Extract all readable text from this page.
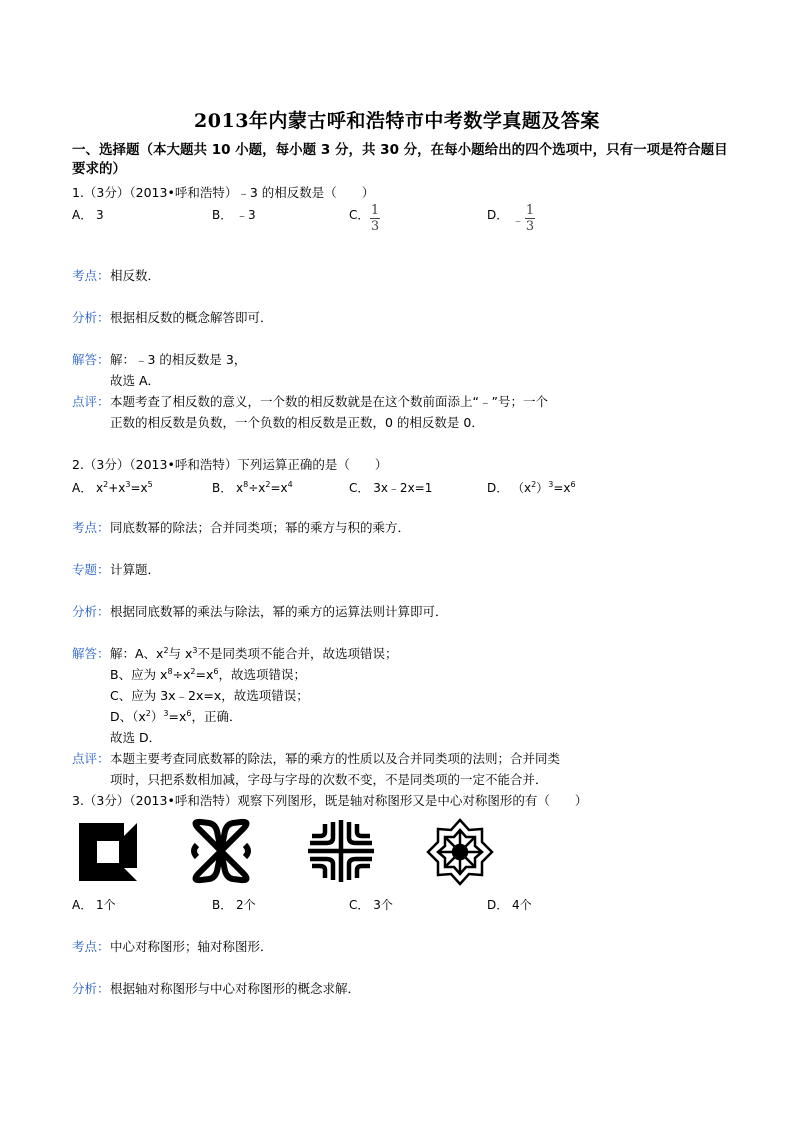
2013年内蒙古呼和浩特市中考数学真题及答案
一、选择题（本大题共 10 小题，每小题 3 分，共 30 分，在每小题给出的四个选项中，只有一项是符合题目要求的）
1.（3分）（2013•呼和浩特）﹣3 的相反数是（　　）
A． 3	B． ﹣3	C． $\frac{1}{3}$	D． ﹣ $\frac{1}{3}$
考点： 相反数．
分析： 根据相反数的概念解答即可．
解答： 解：﹣3 的相反数是 3，
故选 A．
点评： 本题考查了相反数的意义，一个数的相反数就是在这个数前面添上“﹣”号；一个
正数的相反数是负数，一个负数的相反数是正数，0 的相反数是 0．
2.（3分）（2013•呼和浩特）下列运算正确的是（　　）
A． $x^2+x^3=x^5$	B． $x^8\div x^2=x^4$	C． 3x﹣2x=1	D． $(x^2)^3=x^6$
考点： 同底数幂的除法；合并同类项；幂的乘方与积的乘方．
专题： 计算题．
分析： 根据同底数幂的乘法与除法，幂的乘方的运算法则计算即可．
解答： 解：A、$x^2$与 $x^3$不是同类项不能合并，故选项错误；
B、应为 $x^8\div x^2=x^6$，故选项错误；
C、应为 3x﹣2x=x，故选项错误；
D、$(x^2)^3=x^6$，正确．
故选 D．
点评： 本题主要考查同底数幂的除法，幂的乘方的性质以及合并同类项的法则；合并同类
项时，只把系数相加减，字母与字母的次数不变，不是同类项的一定不能合并．
3.（3分）（2013•呼和浩特）观察下列图形，既是轴对称图形又是中心对称图形的有（　　）
A． 1个	B． 2个	C． 3个	D． 4个
考点： 中心对称图形；轴对称图形．
分析： 根据轴对称图形与中心对称图形的概念求解．
